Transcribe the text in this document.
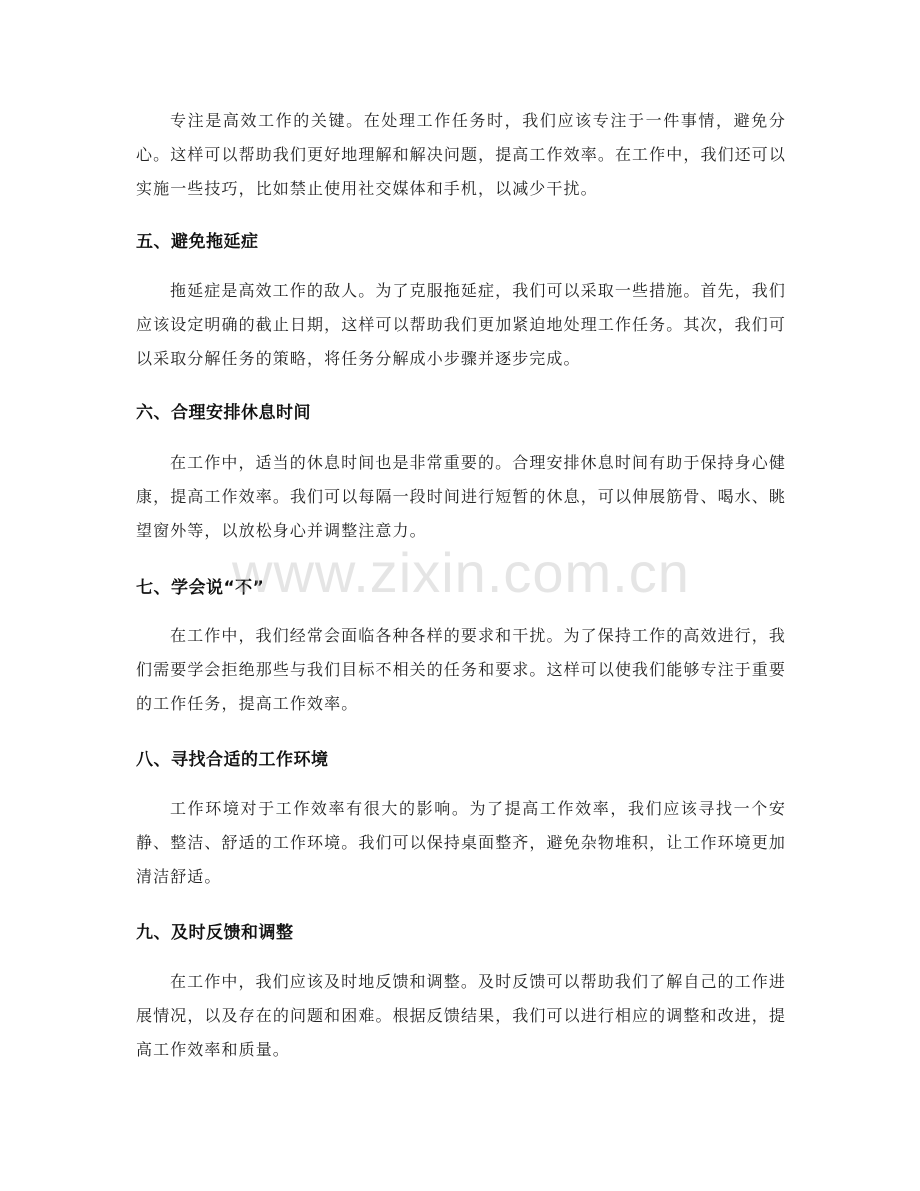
专注是高效工作的关键。在处理工作任务时，我们应该专注于一件事情，避免分心。这样可以帮助我们更好地理解和解决问题，提高工作效率。在工作中，我们还可以实施一些技巧，比如禁止使用社交媒体和手机，以减少干扰。

五、避免拖延症

拖延症是高效工作的敌人。为了克服拖延症，我们可以采取一些措施。首先，我们应该设定明确的截止日期，这样可以帮助我们更加紧迫地处理工作任务。其次，我们可以采取分解任务的策略，将任务分解成小步骤并逐步完成。

六、合理安排休息时间

在工作中，适当的休息时间也是非常重要的。合理安排休息时间有助于保持身心健康，提高工作效率。我们可以每隔一段时间进行短暂的休息，可以伸展筋骨、喝水、眺望窗外等，以放松身心并调整注意力。

七、学会说“不”

在工作中，我们经常会面临各种各样的要求和干扰。为了保持工作的高效进行，我们需要学会拒绝那些与我们目标不相关的任务和要求。这样可以使我们能够专注于重要的工作任务，提高工作效率。

八、寻找合适的工作环境

工作环境对于工作效率有很大的影响。为了提高工作效率，我们应该寻找一个安静、整洁、舒适的工作环境。我们可以保持桌面整齐，避免杂物堆积，让工作环境更加清洁舒适。

九、及时反馈和调整

在工作中，我们应该及时地反馈和调整。及时反馈可以帮助我们了解自己的工作进展情况，以及存在的问题和困难。根据反馈结果，我们可以进行相应的调整和改进，提高工作效率和质量。

www.zixin.com.cn
